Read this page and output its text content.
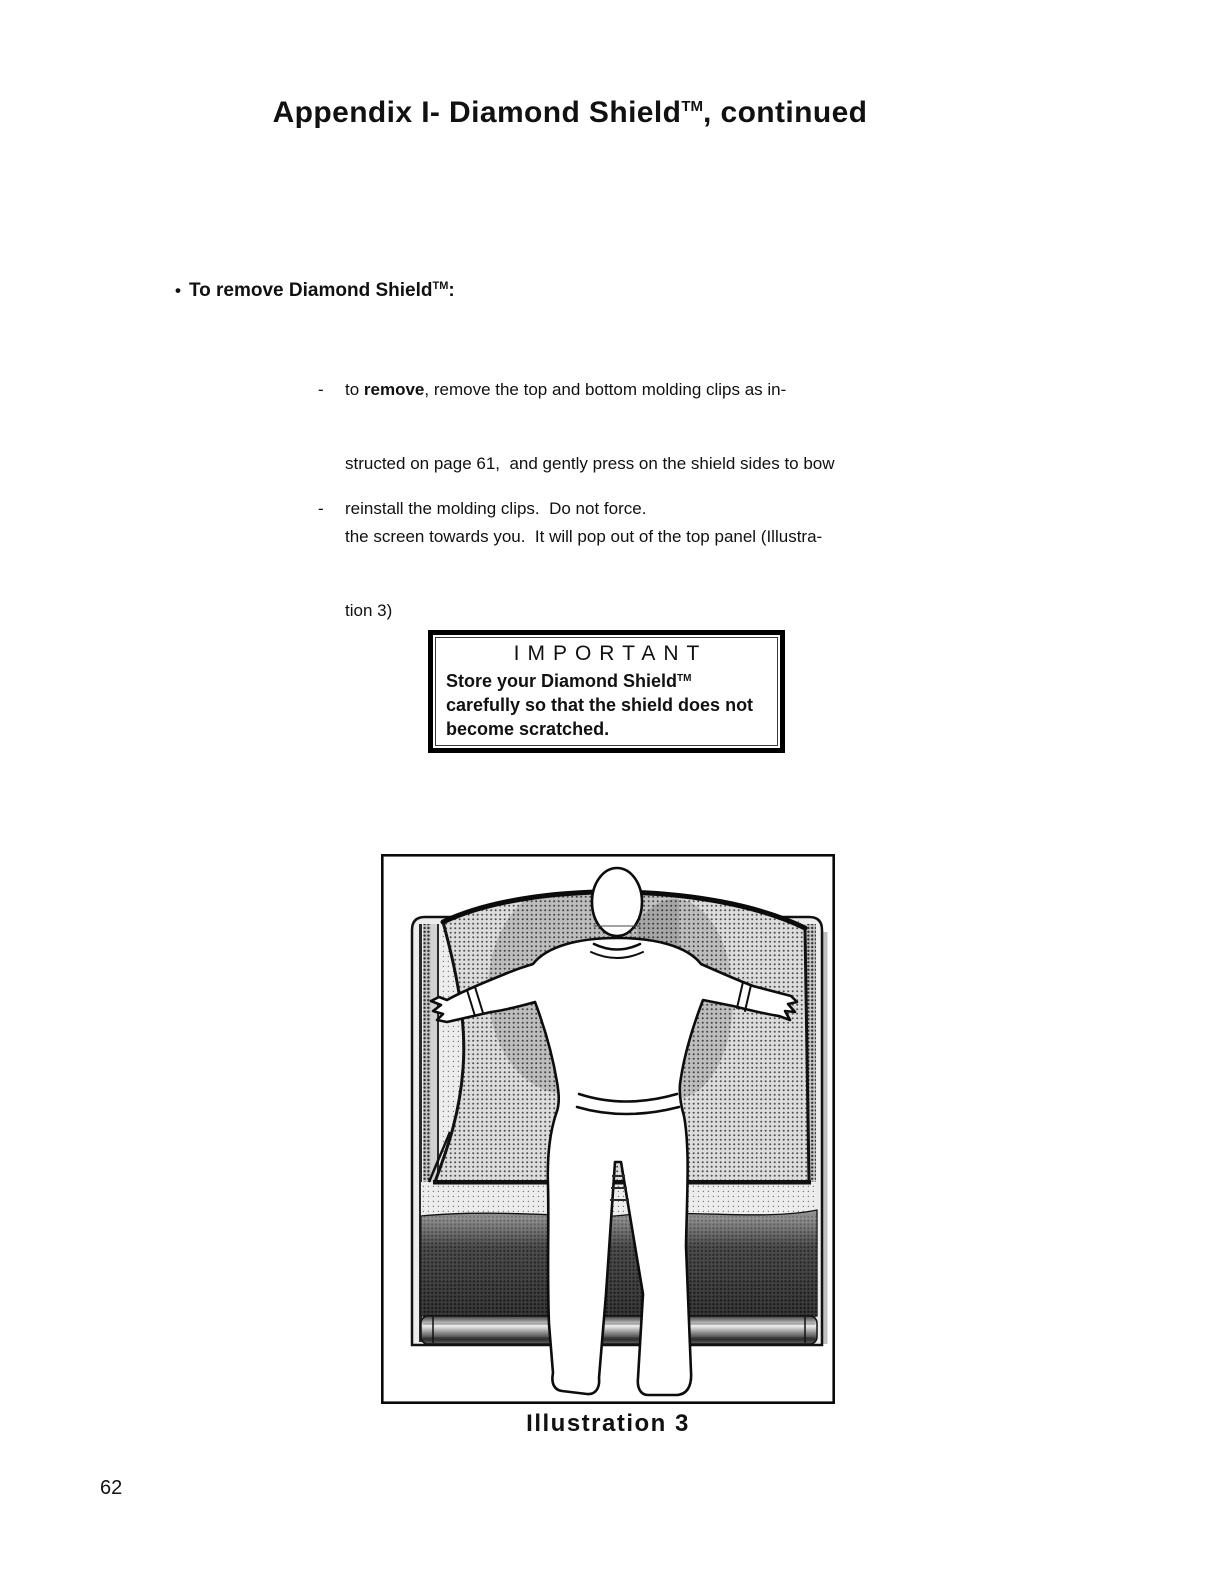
Appendix I- Diamond Shield™, continued
• To remove Diamond Shield™:

- to remove, remove the top and bottom molding clips as in-

structed on page 61,  and gently press on the shield sides to bow

the screen towards you.  It will pop out of the top panel (Illustra-

tion 3)

- reinstall the molding clips.  Do not force.

IMPORTANT
Store your Diamond Shield™
carefully so that the shield does not
become scratched.
Illustration 3
62
